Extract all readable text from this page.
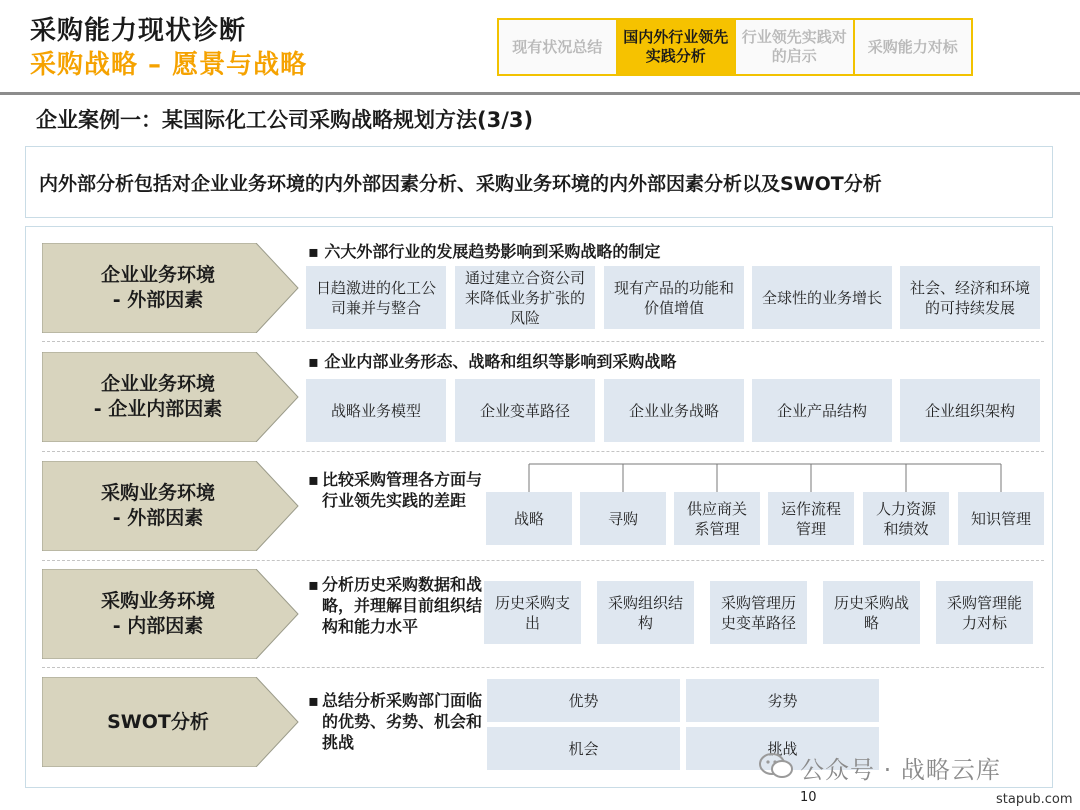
采购能力现状诊断
采购战略 – 愿景与战略
现有状况总结
国内外行业领先实践分析
行业领先实践对的启示
采购能力对标
企业案例一：某国际化工公司采购战略规划方法(3/3)
内外部分析包括对企业业务环境的内外部因素分析、采购业务环境的内外部因素分析以及SWOT分析
企业业务环境
- 外部因素
▪ 六大外部行业的发展趋势影响到采购战略的制定
日趋激进的化工公司兼并与整合
通过建立合资公司来降低业务扩张的风险
现有产品的功能和价值增值
全球性的业务增长
社会、经济和环境的可持续发展
企业业务环境
- 企业内部因素
▪ 企业内部业务形态、战略和组织等影响到采购战略
战略业务模型	企业变革路径	企业业务战略	企业产品结构	企业组织架构
采购业务环境
- 外部因素
▪ 比较采购管理各方面与行业领先实践的差距
战略	寻购
供应商关系管理
运作流程管理
人力资源和绩效
知识管理
采购业务环境
- 内部因素
▪ 分析历史采购数据和战略，并理解目前组织结构和能力水平
历史采购支出
采购组织结构
采购管理历史变革路径
历史采购战略
采购管理能力对标
SWOT分析
▪ 总结分析采购部门面临的优势、劣势、机会和挑战
优势	劣势
机会	挑战
公众号 · 战略云库
10	stapub.com
